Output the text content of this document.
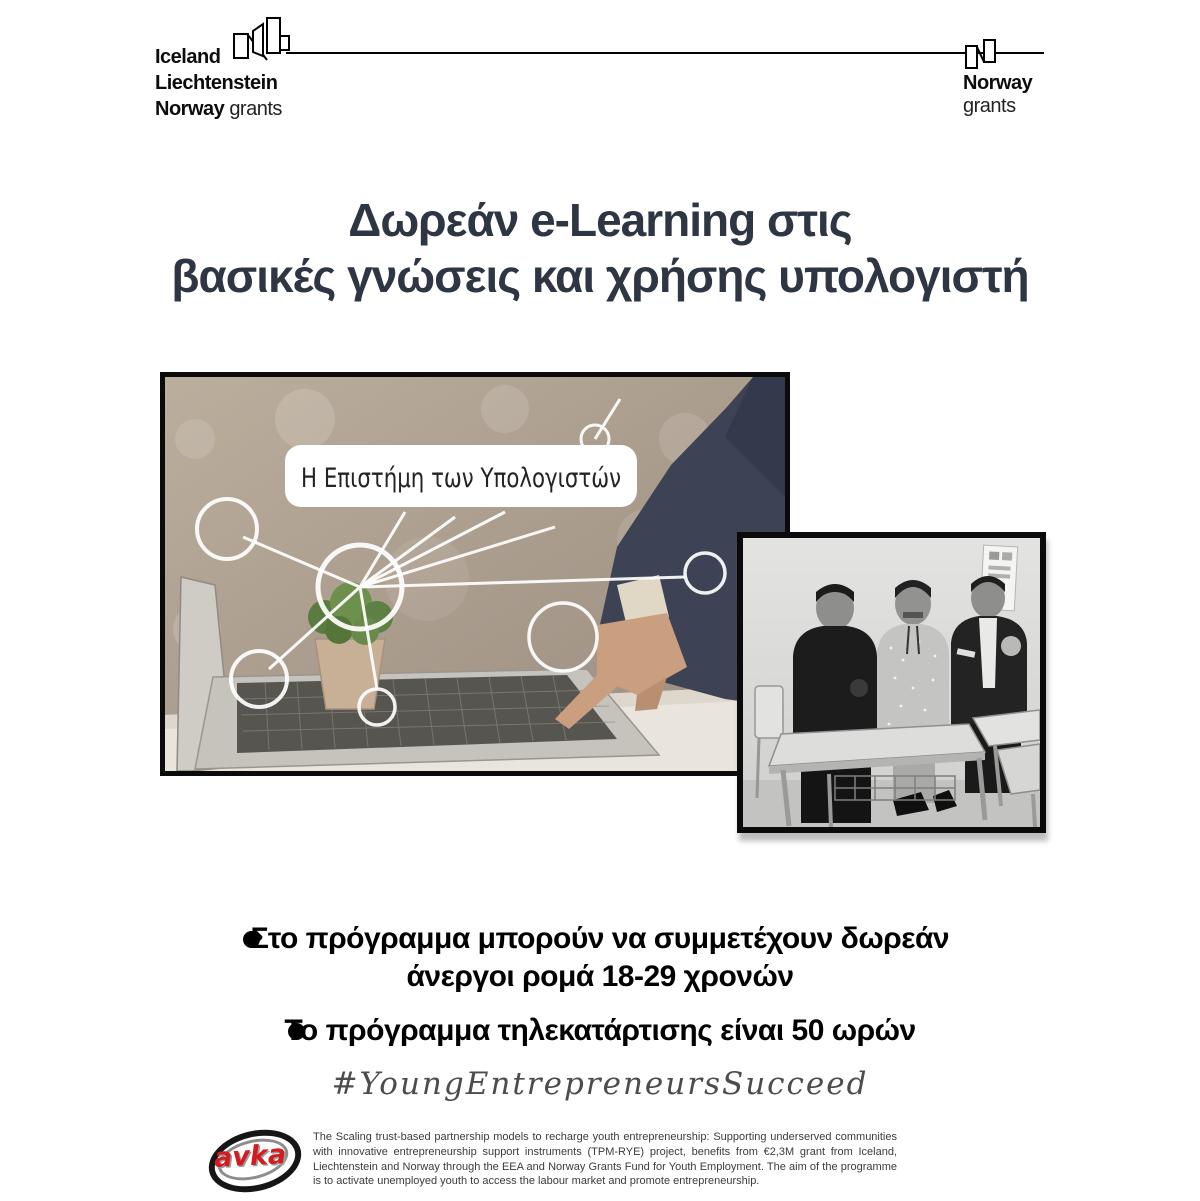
Iceland
Liechtenstein
Norway grants
Norway
grants
Δωρεάν e-Learning στις
βασικές γνώσεις και χρήσης υπολογιστή
Η Επιστήμη των Υπολογιστών
Στο πρόγραμμα μπορούν να συμμετέχουν δωρεάν
άνεργοι ρομά 18-29 χρονών
Το πρόγραμμα τηλεκατάρτισης είναι 50 ωρών
#YoungEntrepreneursSucceed
avka
The Scaling trust-based partnership models to recharge youth entrepreneurship: Supporting underserved communities with innovative entrepreneurship support instruments (TPM-RYE) project, benefits from €2,3M grant from Iceland, Liechtenstein and Norway through the EEA and Norway Grants Fund for Youth Employment. The aim of the programme is to activate unemployed youth to access the labour market and promote entrepreneurship.
